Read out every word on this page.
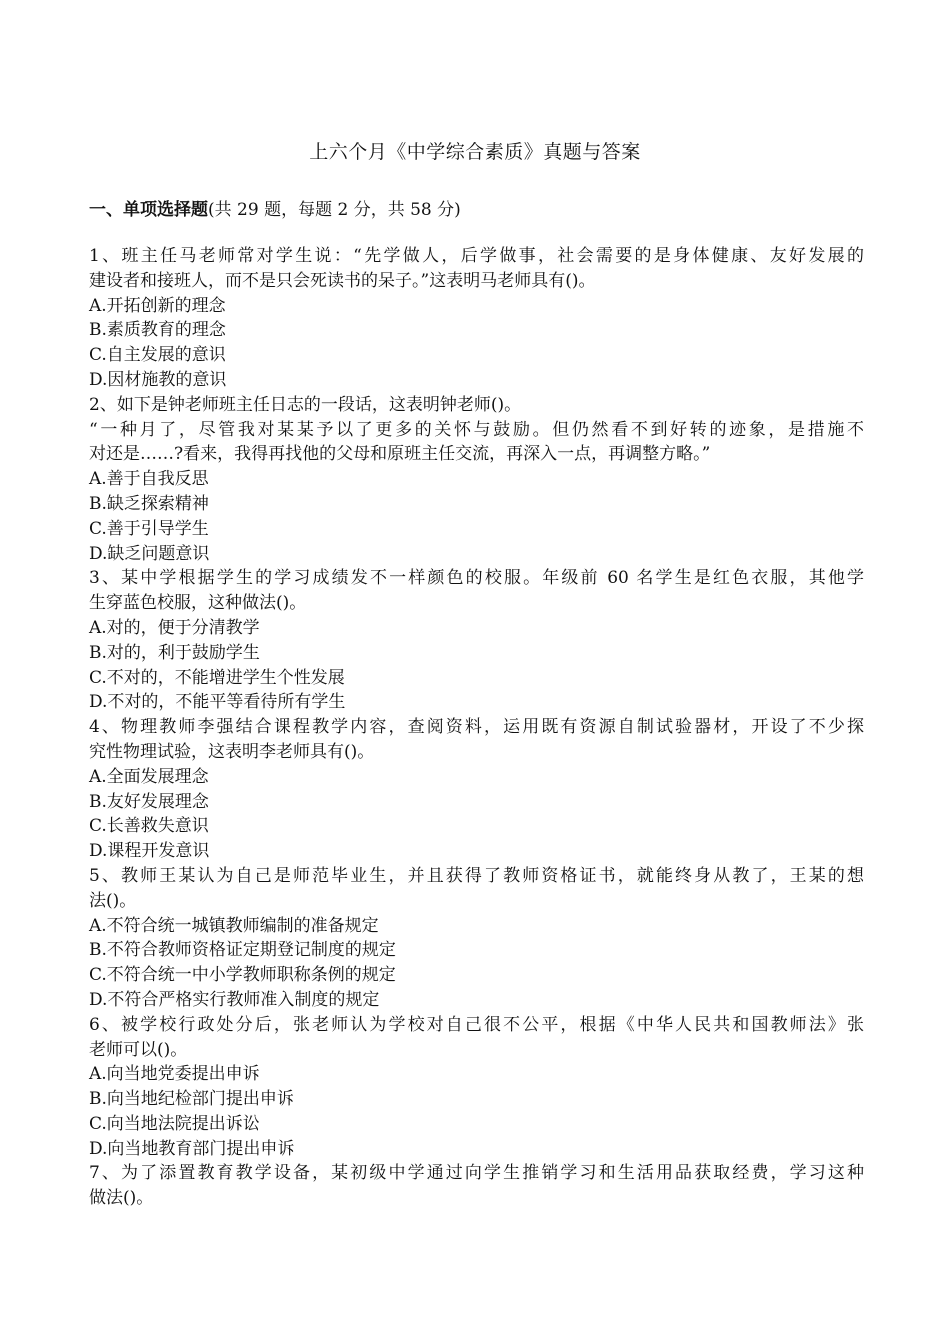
上六个月《中学综合素质》真题与答案
一、单项选择题(共 29 题，每题 2 分，共 58 分)
1、班主任马老师常对学生说：“先学做人，后学做事，社会需要的是身体健康、友好发展的
建设者和接班人，而不是只会死读书的呆子。”这表明马老师具有()。
A.开拓创新的理念
B.素质教育的理念
C.自主发展的意识
D.因材施教的意识
2、如下是钟老师班主任日志的一段话，这表明钟老师()。
“一种月了，尽管我对某某予以了更多的关怀与鼓励。但仍然看不到好转的迹象，是措施不
对还是……?看来，我得再找他的父母和原班主任交流，再深入一点，再调整方略。”
A.善于自我反思
B.缺乏探索精神
C.善于引导学生
D.缺乏问题意识
3、某中学根据学生的学习成绩发不一样颜色的校服。年级前 60 名学生是红色衣服，其他学
生穿蓝色校服，这种做法()。
A.对的，便于分清教学
B.对的，利于鼓励学生
C.不对的，不能增进学生个性发展
D.不对的，不能平等看待所有学生
4、物理教师李强结合课程教学内容，查阅资料，运用既有资源自制试验器材，开设了不少探
究性物理试验，这表明李老师具有()。
A.全面发展理念
B.友好发展理念
C.长善救失意识
D.课程开发意识
5、教师王某认为自己是师范毕业生，并且获得了教师资格证书，就能终身从教了，王某的想
法()。
A.不符合统一城镇教师编制的准备规定
B.不符合教师资格证定期登记制度的规定
C.不符合统一中小学教师职称条例的规定
D.不符合严格实行教师准入制度的规定
6、被学校行政处分后，张老师认为学校对自己很不公平，根据《中华人民共和国教师法》张
老师可以()。
A.向当地党委提出申诉
B.向当地纪检部门提出申诉
C.向当地法院提出诉讼
D.向当地教育部门提出申诉
7、为了添置教育教学设备，某初级中学通过向学生推销学习和生活用品获取经费，学习这种
做法()。
